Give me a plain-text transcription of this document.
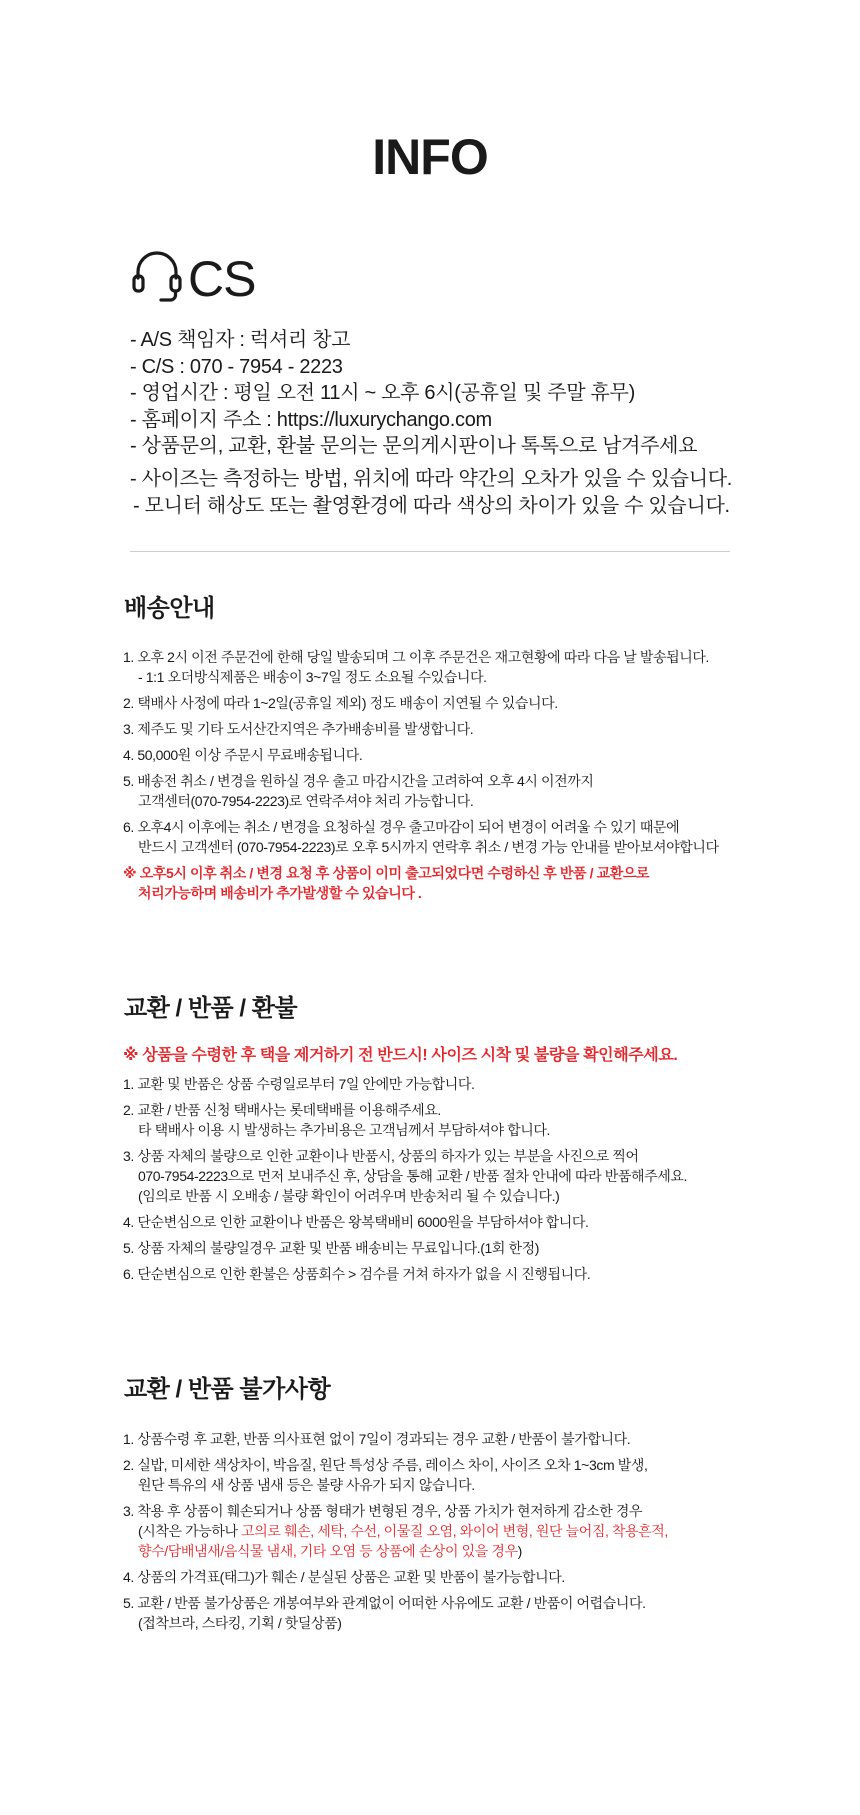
INFO
CS
- A/S 책임자 : 럭셔리 창고
- C/S : 070 - 7954 - 2223
- 영업시간 : 평일 오전 11시 ~ 오후 6시(공휴일 및 주말 휴무)
- 홈페이지 주소 : https://luxurychango.com
- 상품문의, 교환, 환불 문의는 문의게시판이나 톡톡으로 남겨주세요
- 사이즈는 측정하는 방법, 위치에 따라 약간의 오차가 있을 수 있습니다.
- 모니터 해상도 또는 촬영환경에 따라 색상의 차이가 있을 수 있습니다.
배송안내
1. 오후 2시 이전 주문건에 한해 당일 발송되며 그 이후 주문건은 재고현황에 따라 다음 날 발송됩니다.
- 1:1 오더방식제품은 배송이 3~7일 정도 소요될 수있습니다.
2. 택배사 사정에 따라 1~2일(공휴일 제외) 정도 배송이 지연될 수 있습니다.
3. 제주도 및 기타 도서산간지역은 추가배송비를 발생합니다.
4. 50,000원 이상 주문시 무료배송됩니다.
5. 배송전 취소 / 변경을 원하실 경우 출고 마감시간을 고려하여 오후 4시 이전까지
고객센터(070-7954-2223)로 연락주셔야 처리 가능합니다.
6. 오후4시 이후에는 취소 / 변경을 요청하실 경우 출고마감이 되어 변경이 어려울 수 있기 때문에
반드시 고객센터 (070-7954-2223)로 오후 5시까지 연락후 취소 / 변경 가능 안내를 받아보셔야합니다
※ 오후5시 이후 취소 / 변경 요청 후 상품이 이미 출고되었다면 수령하신 후 반품 / 교환으로
처리가능하며 배송비가 추가발생할 수 있습니다 .
교환 / 반품 / 환불
※ 상품을 수령한 후 택을 제거하기 전 반드시! 사이즈 시착 및 불량을 확인해주세요.
1. 교환 및 반품은 상품 수령일로부터 7일 안에만 가능합니다.
2. 교환 / 반품 신청 택배사는 롯데택배를 이용해주세요.
타 택배사 이용 시 발생하는 추가비용은 고객님께서 부담하셔야 합니다.
3. 상품 자체의 불량으로 인한 교환이나 반품시, 상품의 하자가 있는 부분을 사진으로 찍어
070-7954-2223으로 먼저 보내주신 후, 상담을 통해 교환 / 반품 절차 안내에 따라 반품해주세요.
(임의로 반품 시 오배송 / 불량 확인이 어려우며 반송처리 될 수 있습니다.)
4. 단순변심으로 인한 교환이나 반품은 왕복택배비 6000원을 부담하셔야 합니다.
5. 상품 자체의 불량일경우 교환 및 반품 배송비는 무료입니다.(1회 한정)
6. 단순변심으로 인한 환불은 상품회수 > 검수를 거쳐 하자가 없을 시 진행됩니다.
교환 / 반품 불가사항
1. 상품수령 후 교환, 반품 의사표현 없이 7일이 경과되는 경우 교환 / 반품이 불가합니다.
2. 실밥, 미세한 색상차이, 박음질, 원단 특성상 주름, 레이스 차이, 사이즈 오차 1~3cm 발생,
원단 특유의 새 상품 냄새 등은 불량 사유가 되지 않습니다.
3. 착용 후 상품이 훼손되거나 상품 형태가 변형된 경우, 상품 가치가 현저하게 감소한 경우
(시착은 가능하나 고의로 훼손, 세탁, 수선, 이물질 오염, 와이어 변형, 원단 늘어짐, 착용흔적,
향수/담배냄새/음식물 냄새, 기타 오염 등 상품에 손상이 있을 경우)
4. 상품의 가격표(태그)가 훼손 / 분실된 상품은 교환 및 반품이 불가능합니다.
5. 교환 / 반품 불가상품은 개봉여부와 관계없이 어떠한 사유에도 교환 / 반품이 어렵습니다.
(접착브라, 스타킹, 기획 / 핫딜상품)
